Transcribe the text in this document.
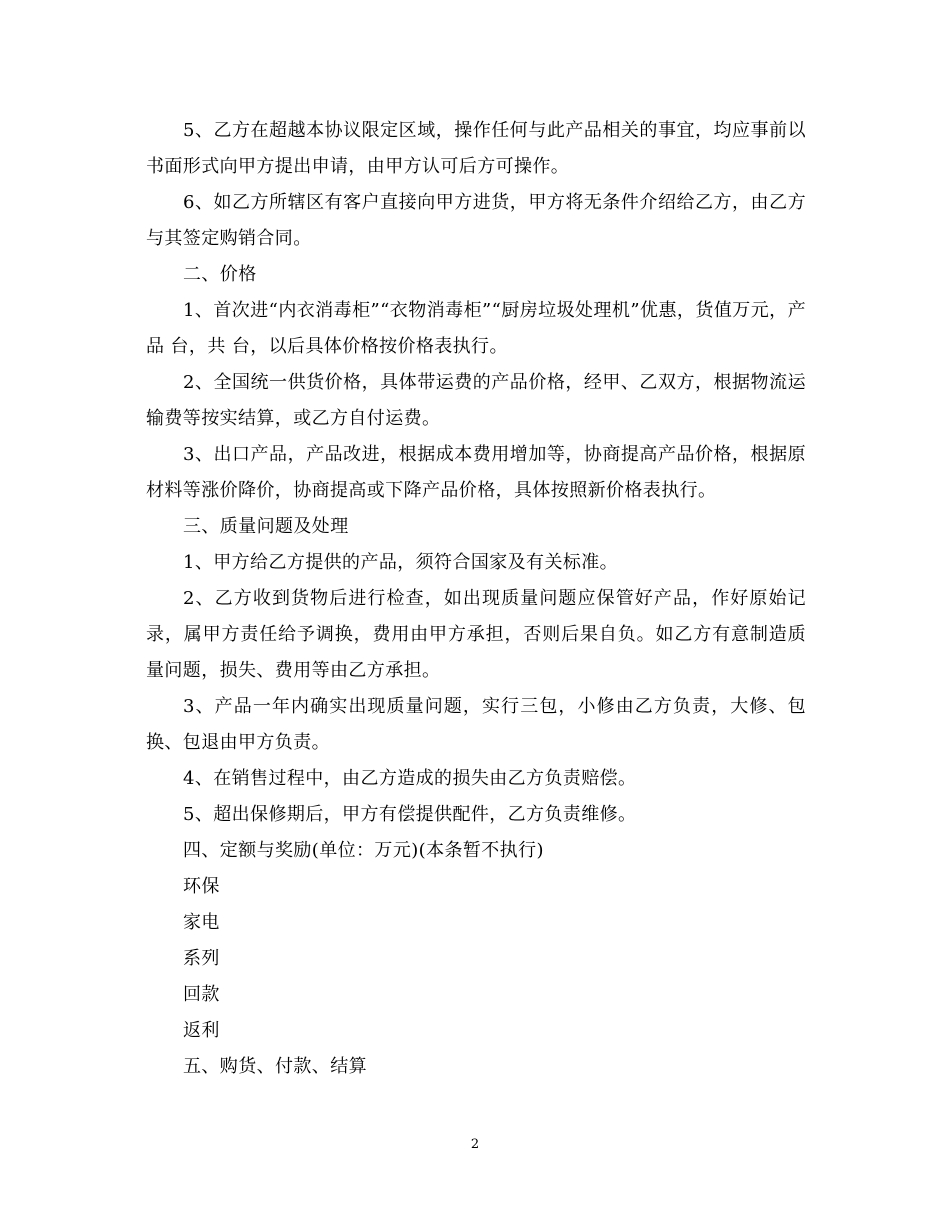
5、乙方在超越本协议限定区域，操作任何与此产品相关的事宜，均应事前以书面形式向甲方提出申请，由甲方认可后方可操作。

6、如乙方所辖区有客户直接向甲方进货，甲方将无条件介绍给乙方，由乙方与其签定购销合同。

二、价格

1、首次进“内衣消毒柜”“衣物消毒柜”“厨房垃圾处理机”优惠，货值万元，产品 台，共 台，以后具体价格按价格表执行。

2、全国统一供货价格，具体带运费的产品价格，经甲、乙双方，根据物流运输费等按实结算，或乙方自付运费。

3、出口产品，产品改进，根据成本费用增加等，协商提高产品价格，根据原材料等涨价降价，协商提高或下降产品价格，具体按照新价格表执行。

三、质量问题及处理

1、甲方给乙方提供的产品，须符合国家及有关标准。

2、乙方收到货物后进行检查，如出现质量问题应保管好产品，作好原始记录，属甲方责任给予调换，费用由甲方承担，否则后果自负。如乙方有意制造质量问题，损失、费用等由乙方承担。

3、产品一年内确实出现质量问题，实行三包，小修由乙方负责，大修、包换、包退由甲方负责。

4、在销售过程中，由乙方造成的损失由乙方负责赔偿。

5、超出保修期后，甲方有偿提供配件，乙方负责维修。

四、定额与奖励(单位：万元)(本条暂不执行)

环保

家电

系列

回款

返利

五、购货、付款、结算

2
